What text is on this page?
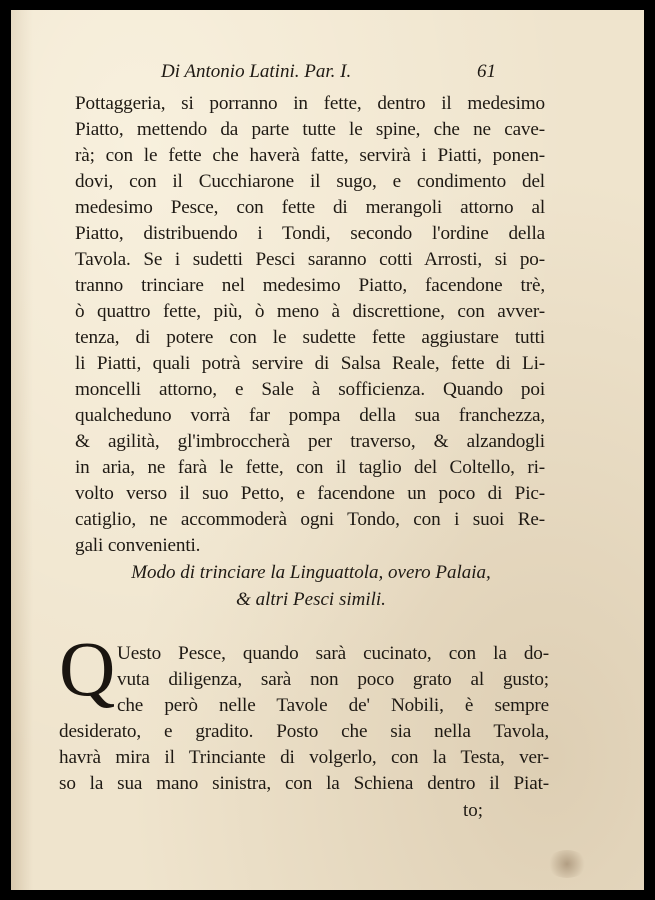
Di Antonio Latini. Par. I.	61
Pottaggeria, si porranno in fette, dentro il medesimo
Piatto, mettendo da parte tutte le spine, che ne cave-
rà; con le fette che haverà fatte, servirà i Piatti, ponen-
dovi, con il Cucchiarone il sugo, e condimento del
medesimo Pesce, con fette di merangoli attorno al
Piatto, distribuendo i Tondi, secondo l'ordine della
Tavola. Se i sudetti Pesci saranno cotti Arrosti, si po-
tranno trinciare nel medesimo Piatto, facendone trè,
ò quattro fette, più, ò meno à discrettione, con avver-
tenza, di potere con le sudette fette aggiustare tutti
li Piatti, quali potrà servire di Salsa Reale, fette di Li-
moncelli attorno, e Sale à sofficienza. Quando poi
qualcheduno vorrà far pompa della sua franchezza,
& agilità, gl'imbroccherà per traverso, & alzandogli
in aria, ne farà le fette, con il taglio del Coltello, ri-
volto verso il suo Petto, e facendone un poco di Pic-
catiglio, ne accommoderà ogni Tondo, con i suoi Re-
gali convenienti.
Modo di trinciare la Linguattola, overo Palaia,
& altri Pesci simili.
Q Uesto Pesce, quando sarà cucinato, con la do-
vuta diligenza, sarà non poco grato al gusto;
che però nelle Tavole de' Nobili, è sempre
desiderato, e gradito. Posto che sia nella Tavola,
havrà mira il Trinciante di volgerlo, con la Testa, ver-
so la sua mano sinistra, con la Schiena dentro il Piat-
to;
